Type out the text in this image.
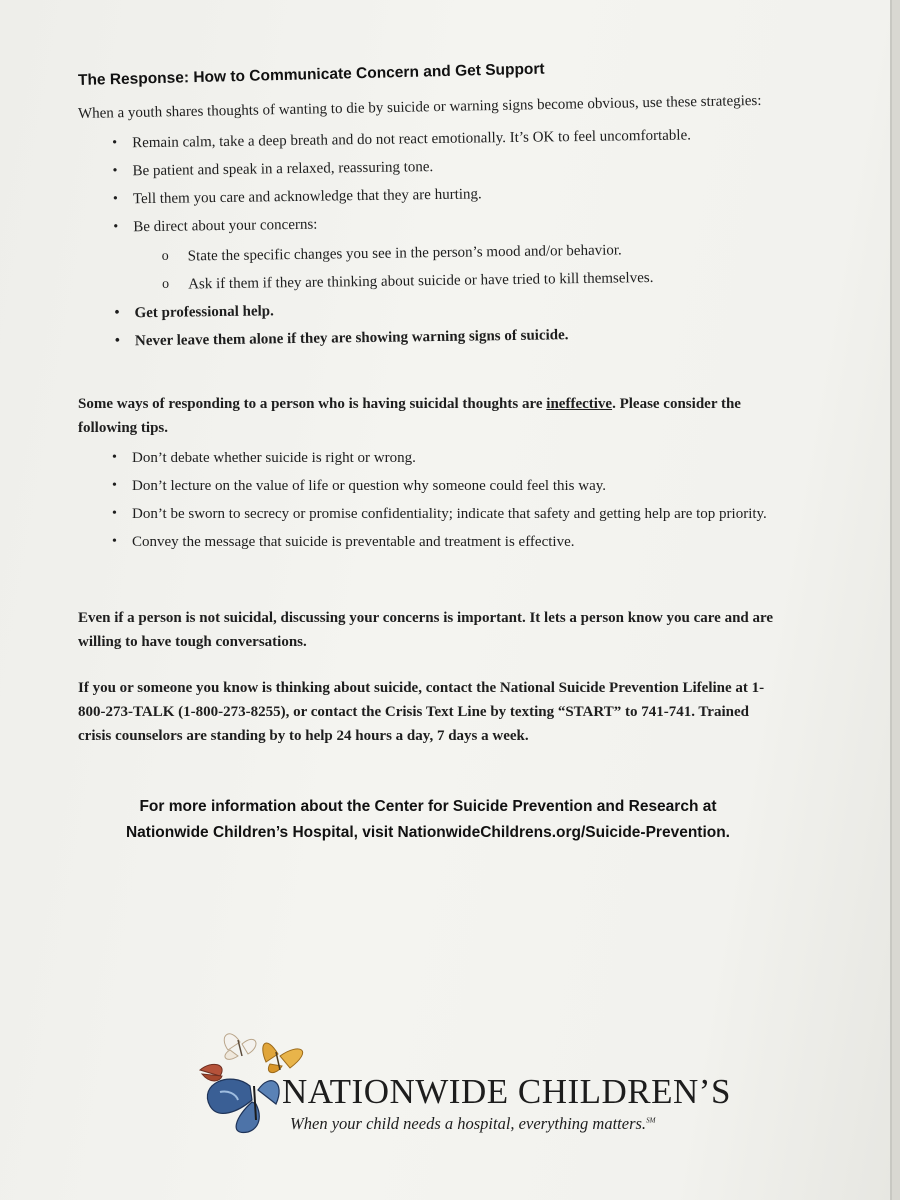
The Response: How to Communicate Concern and Get Support

When a youth shares thoughts of wanting to die by suicide or warning signs become obvious, use these strategies:

• Remain calm, take a deep breath and do not react emotionally. It’s OK to feel uncomfortable.
• Be patient and speak in a relaxed, reassuring tone.
• Tell them you care and acknowledge that they are hurting.
• Be direct about your concerns:
o State the specific changes you see in the person’s mood and/or behavior.
o Ask if them if they are thinking about suicide or have tried to kill themselves.
• Get professional help.
• Never leave them alone if they are showing warning signs of suicide.

Some ways of responding to a person who is having suicidal thoughts are ineffective. Please consider the following tips.

• Don’t debate whether suicide is right or wrong.
• Don’t lecture on the value of life or question why someone could feel this way.
• Don’t be sworn to secrecy or promise confidentiality; indicate that safety and getting help are top priority.
• Convey the message that suicide is preventable and treatment is effective.

Even if a person is not suicidal, discussing your concerns is important. It lets a person know you care and are willing to have tough conversations.

If you or someone you know is thinking about suicide, contact the National Suicide Prevention Lifeline at 1-800-273-TALK (1-800-273-8255), or contact the Crisis Text Line by texting “START” to 741-741. Trained crisis counselors are standing by to help 24 hours a day, 7 days a week.

For more information about the Center for Suicide Prevention and Research at
Nationwide Children’s Hospital, visit NationwideChildrens.org/Suicide-Prevention.
NATIONWIDE CHILDREN’S
When your child needs a hospital, everything matters.℠
